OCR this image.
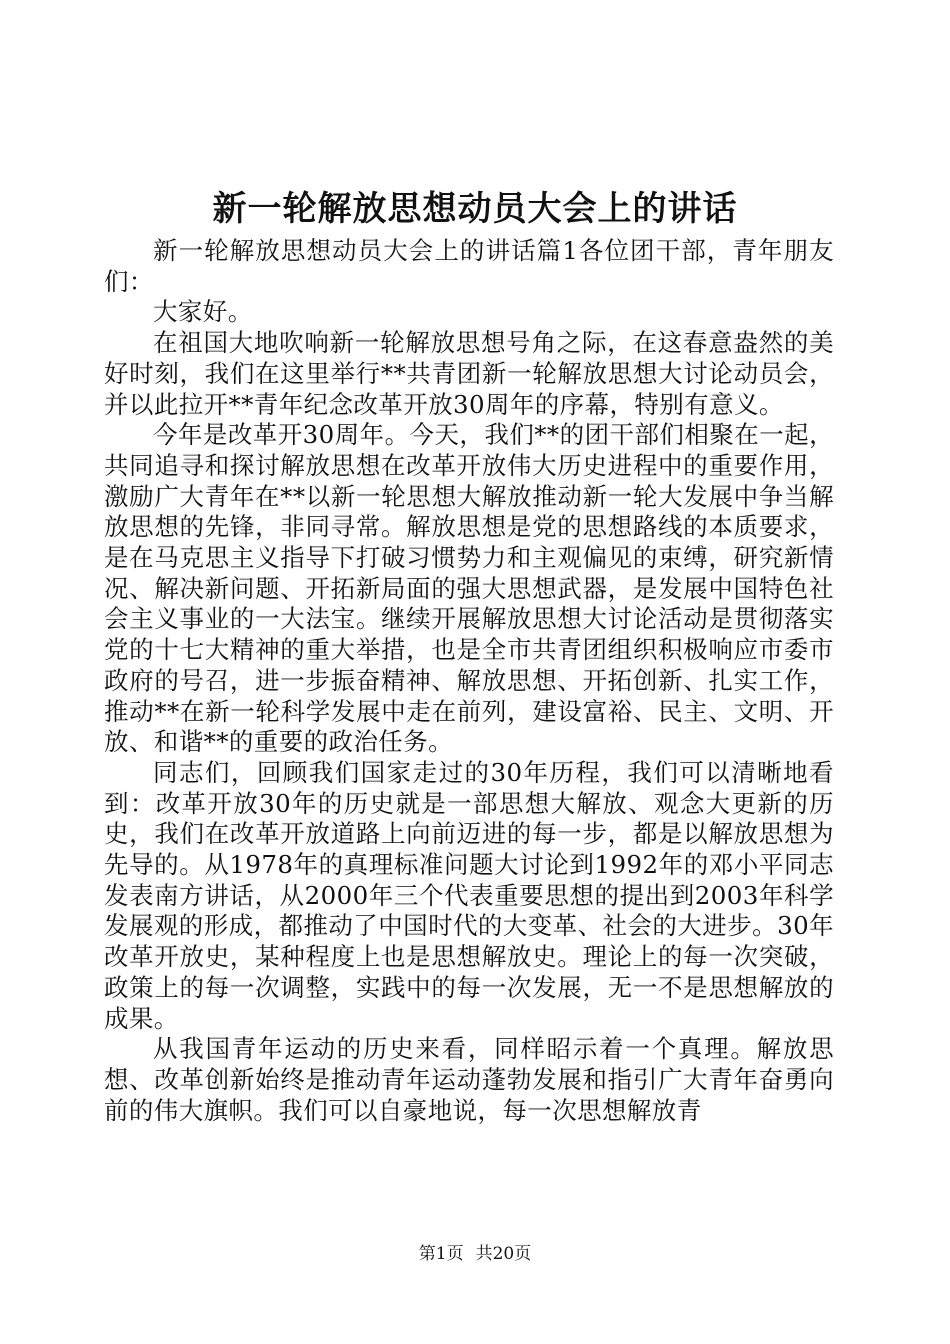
新一轮解放思想动员大会上的讲话

新一轮解放思想动员大会上的讲话篇1各位团干部，青年朋友们：

大家好。

在祖国大地吹响新一轮解放思想号角之际，在这春意盎然的美好时刻，我们在这里举行**共青团新一轮解放思想大讨论动员会，并以此拉开**青年纪念改革开放30周年的序幕，特别有意义。

今年是改革开30周年。今天，我们**的团干部们相聚在一起，共同追寻和探讨解放思想在改革开放伟大历史进程中的重要作用，激励广大青年在**以新一轮思想大解放推动新一轮大发展中争当解放思想的先锋，非同寻常。解放思想是党的思想路线的本质要求，是在马克思主义指导下打破习惯势力和主观偏见的束缚，研究新情况、解决新问题、开拓新局面的强大思想武器，是发展中国特色社会主义事业的一大法宝。继续开展解放思想大讨论活动是贯彻落实党的十七大精神的重大举措，也是全市共青团组织积极响应市委市政府的号召，进一步振奋精神、解放思想、开拓创新、扎实工作，推动**在新一轮科学发展中走在前列，建设富裕、民主、文明、开放、和谐**的重要的政治任务。

同志们，回顾我们国家走过的30年历程，我们可以清晰地看到：改革开放30年的历史就是一部思想大解放、观念大更新的历史，我们在改革开放道路上向前迈进的每一步，都是以解放思想为先导的。从1978年的真理标准问题大讨论到1992年的邓小平同志发表南方讲话，从2000年三个代表重要思想的提出到2003年科学发展观的形成，都推动了中国时代的大变革、社会的大进步。30年改革开放史，某种程度上也是思想解放史。理论上的每一次突破，政策上的每一次调整，实践中的每一次发展，无一不是思想解放的成果。

从我国青年运动的历史来看，同样昭示着一个真理。解放思想、改革创新始终是推动青年运动蓬勃发展和指引广大青年奋勇向前的伟大旗帜。我们可以自豪地说，每一次思想解放青

第1页 共20页
